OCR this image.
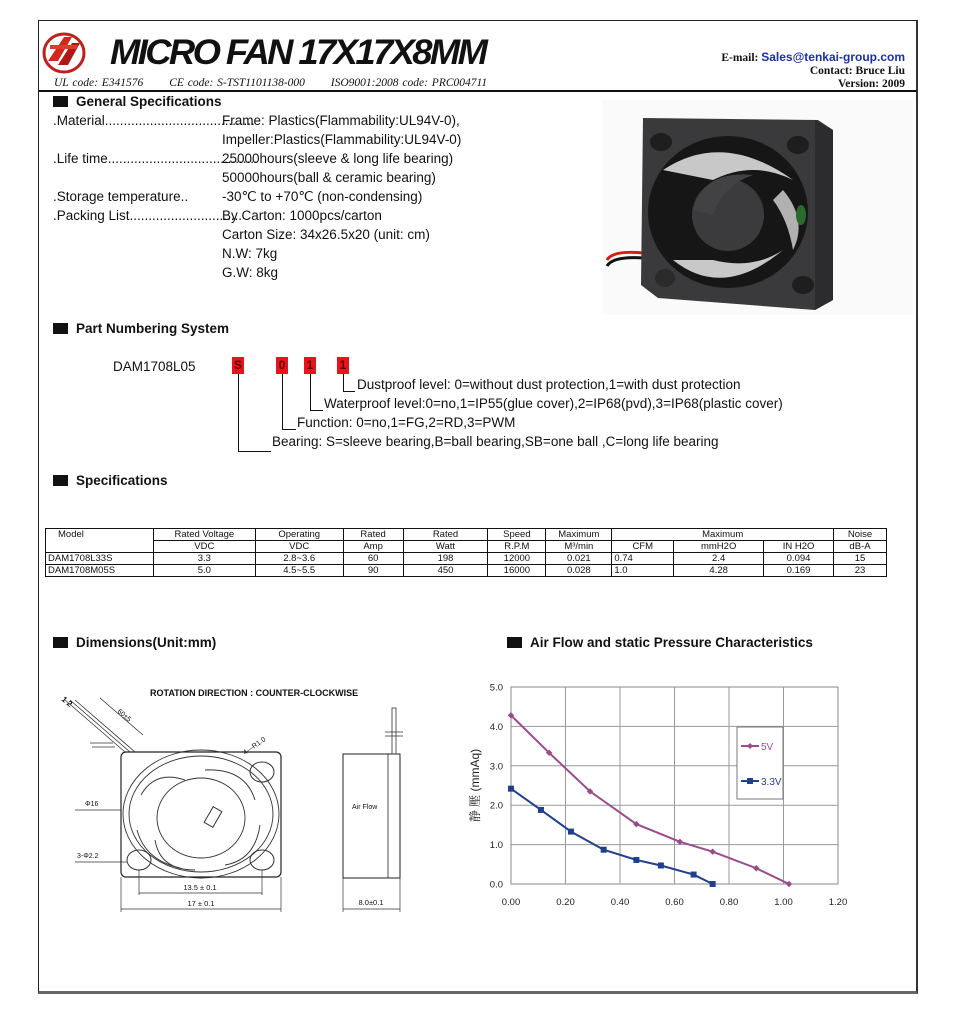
MICRO FAN 17X17X8MM
UL code: E341576 CE code: S-TST1101138-000 ISO9001:2008 code: PRC004711
E-mail: Sales@tenkai-group.com
Contact: Bruce Liu
Version: 2009
General Specifications
.Material........................................
Frame: Plastics(Flammability:UL94V-0),
Impeller:Plastics(Flammability:UL94V-0)
.Life time........................................
25000hours(sleeve & long life bearing)
50000hours(ball & ceramic bearing)
.Storage temperature..	-30℃ to +70℃ (non-condensing)
.Packing List..............................
By Carton: 1000pcs/carton
Carton Size: 34x26.5x20 (unit: cm)
N.W: 7kg
G.W: 8kg
Part Numbering System
DAM1708L05	S	0 1 1
Dustproof level: 0=without dust protection,1=with dust protection
Waterproof level:0=no,1=IP55(glue cover),2=IP68(pvd),3=IP68(plastic cover)
Function: 0=no,1=FG,2=RD,3=PWM
Bearing: S=sleeve bearing,B=ball bearing,SB=one ball ,C=long life bearing
Specifications
Model	Rated Voltage	Operating	Rated	Rated	Speed	Maximum	Maximum			Noise
	VDC	VDC	Amp	Watt	R.P.M	M³/min	CFM	mmH2O	IN H2O	dB-A
DAM1708L33S	3.3	2.8~3.6	60	198	12000	0.021	0.74	2.4	0.094	15
DAM1708M05S	5.0	4.5~5.5	90	450	16000	0.028	1.0	4.28	0.169	23
Dimensions(Unit:mm)
ROTATION DIRECTION : COUNTER-CLOCKWISE
60±5
1 2
4—R1.0
Φ16
3-Φ2.2
13.5 ± 0.1
17 ± 0.1
Air Flow
8.0±0.1
Air Flow and static Pressure Characteristics
0.00	0.20	0.40	0.60	0.80	1.00	1.20
0.0
1.0
2.0
3.0
4.0
5.0
静 壓 (mmAq)
5V
3.3V
